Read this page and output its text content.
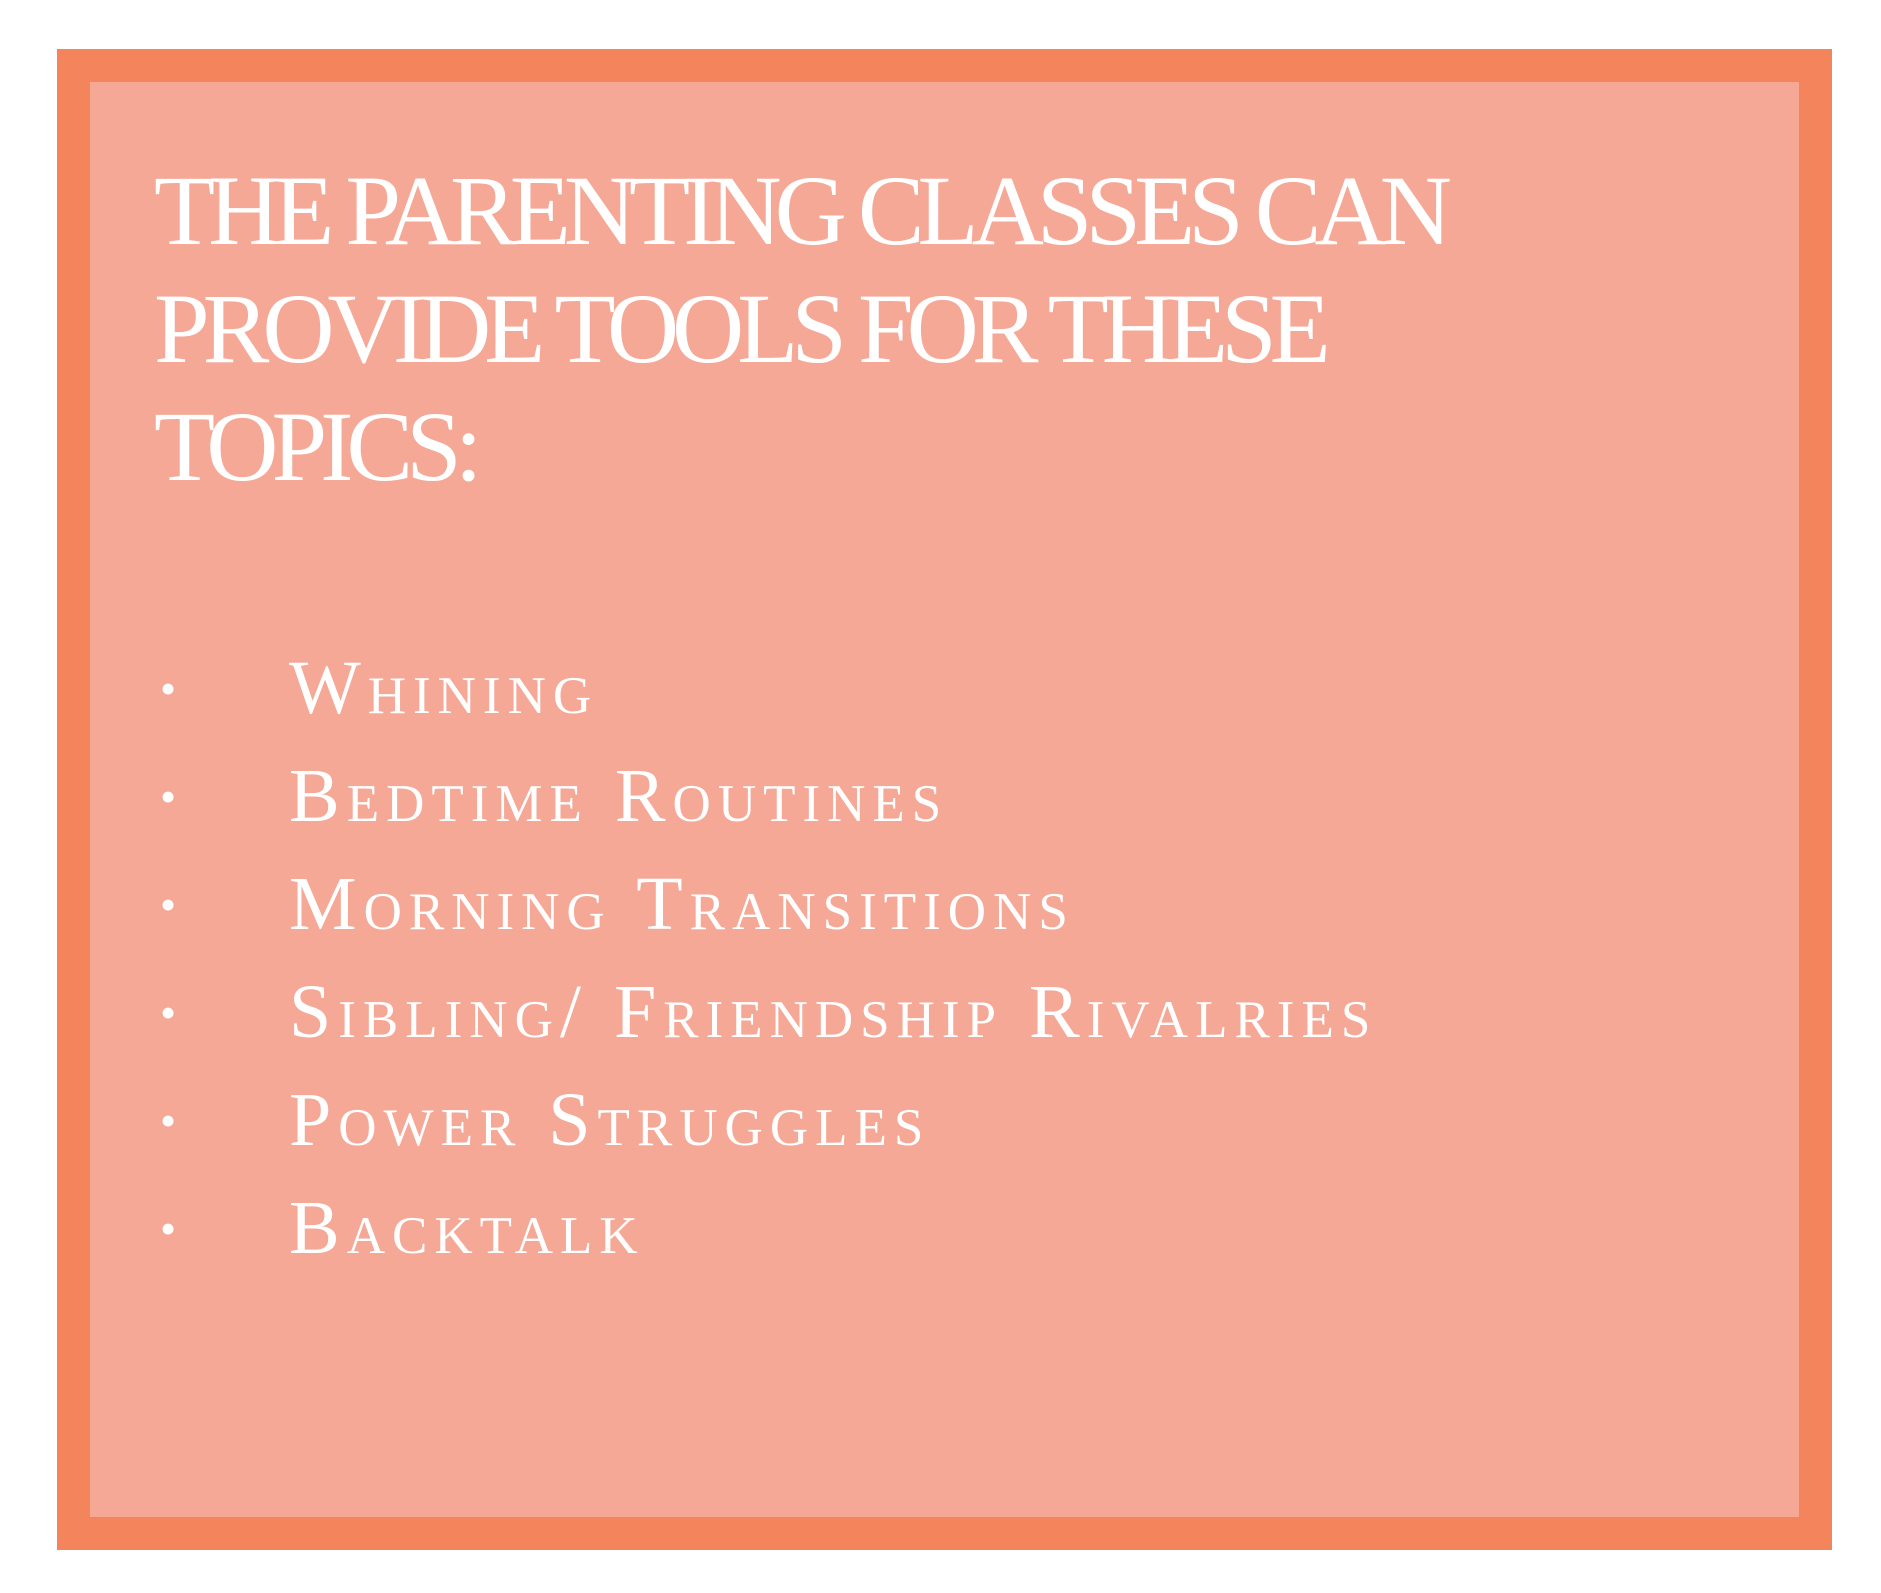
THE PARENTING CLASSES CAN PROVIDE TOOLS FOR THESE TOPICS:
•	Whining
•	Bedtime Routines
•	Morning Transitions
•	Sibling/ Friendship Rivalries
•	Power Struggles
•	Backtalk
